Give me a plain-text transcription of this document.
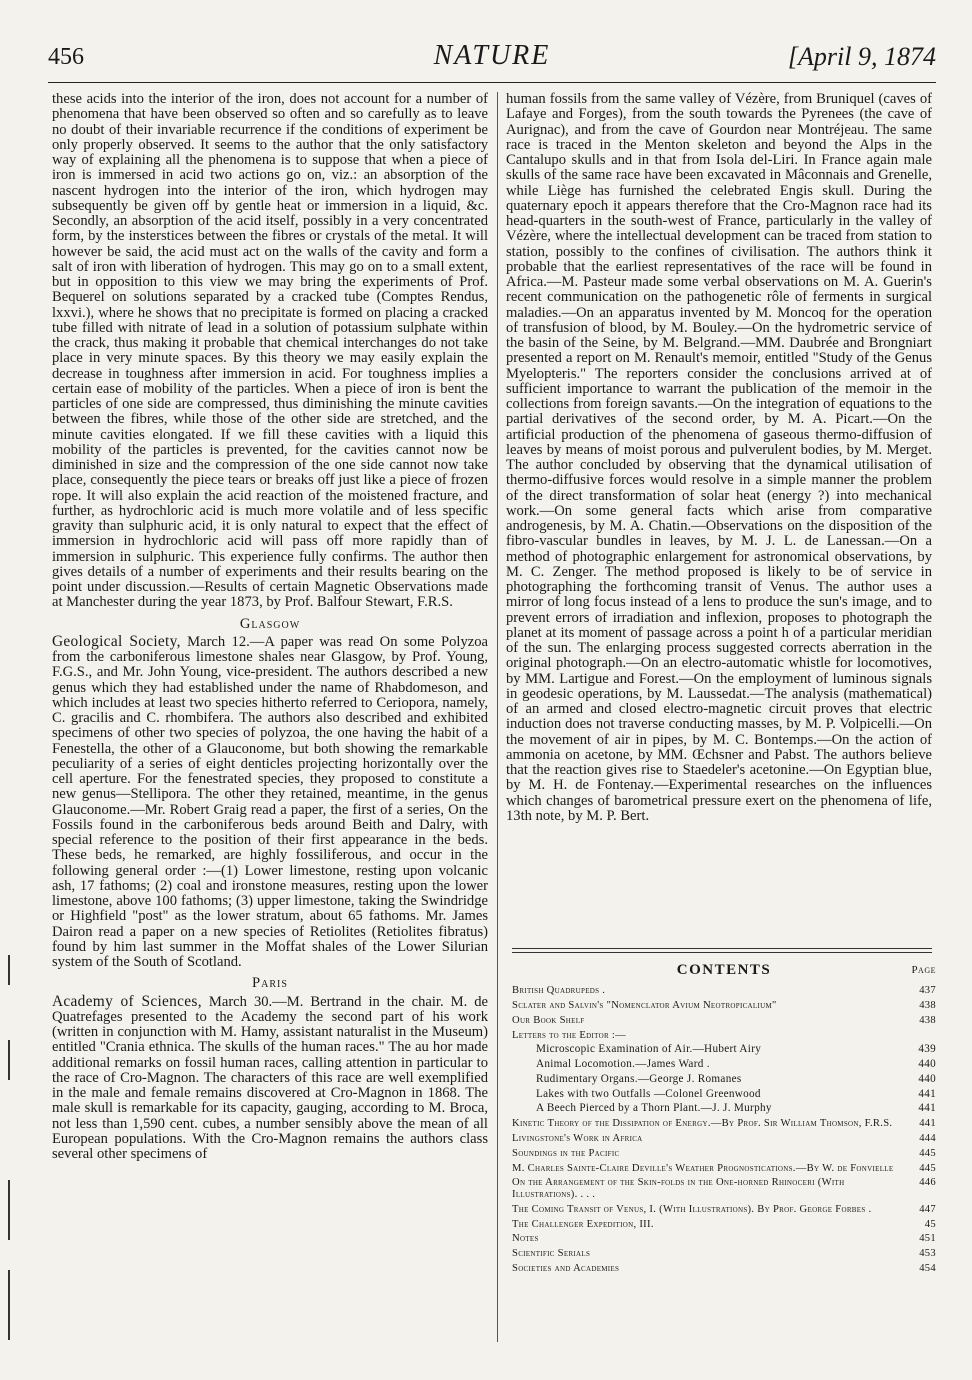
456	NATURE	[April 9, 1874

these acids into the interior of the iron, does not account for a number of phenomena that have been observed so often and so carefully as to leave no doubt of their invariable recurrence if the conditions of experiment be only properly observed. It seems to the author that the only satisfactory way of explaining all the phenomena is to suppose that when a piece of iron is immersed in acid two actions go on, viz.: an absorption of the nascent hydrogen into the interior of the iron, which hydrogen may subsequently be given off by gentle heat or immersion in a liquid, &c. Secondly, an absorption of the acid itself, possibly in a very concentrated form, by the insterstices between the fibres or crystals of the metal. It will however be said, the acid must act on the walls of the cavity and form a salt of iron with liberation of hydrogen. This may go on to a small extent, but in opposition to this view we may bring the experiments of Prof. Bequerel on solutions separated by a cracked tube (Comptes Rendus, lxxvi.), where he shows that no precipitate is formed on placing a cracked tube filled with nitrate of lead in a solution of potassium sulphate within the crack, thus making it probable that chemical interchanges do not take place in very minute spaces. By this theory we may easily explain the decrease in toughness after immersion in acid. For toughness implies a certain ease of mobility of the particles. When a piece of iron is bent the particles of one side are compressed, thus diminishing the minute cavities between the fibres, while those of the other side are stretched, and the minute cavities elongated. If we fill these cavities with a liquid this mobility of the particles is prevented, for the cavities cannot now be diminished in size and the compression of the one side cannot now take place, consequently the piece tears or breaks off just like a piece of frozen rope. It will also explain the acid reaction of the moistened fracture, and further, as hydrochloric acid is much more volatile and of less specific gravity than sulphuric acid, it is only natural to expect that the effect of immersion in hydrochloric acid will pass off more rapidly than of immersion in sulphuric. This experience fully confirms. The author then gives details of a number of experiments and their results bearing on the point under discussion.—Results of certain Magnetic Observations made at Manchester during the year 1873, by Prof. Balfour Stewart, F.R.S.

Glasgow

Geological Society, March 12.—A paper was read On some Polyzoa from the carboniferous limestone shales near Glasgow, by Prof. Young, F.G.S., and Mr. John Young, vice-president. The authors described a new genus which they had established under the name of Rhabdomeson, and which includes at least two species hitherto referred to Ceriopora, namely, C. gracilis and C. rhombifera. The authors also described and exhibited specimens of other two species of polyzoa, the one having the habit of a Fenestella, the other of a Glauconome, but both showing the remarkable peculiarity of a series of eight denticles projecting horizontally over the cell aperture. For the fenestrated species, they proposed to constitute a new genus—Stellipora. The other they retained, meantime, in the genus Glauconome.—Mr. Robert Graig read a paper, the first of a series, On the Fossils found in the carboniferous beds around Beith and Dalry, with special reference to the position of their first appearance in the beds. These beds, he remarked, are highly fossiliferous, and occur in the following general order :—(1) Lower limestone, resting upon volcanic ash, 17 fathoms; (2) coal and ironstone measures, resting upon the lower limestone, above 100 fathoms; (3) upper limestone, taking the Swindridge or Highfield "post" as the lower stratum, about 65 fathoms. Mr. James Dairon read a paper on a new species of Retiolites (Retiolites fibratus) found by him last summer in the Moffat shales of the Lower Silurian system of the South of Scotland.

Paris

Academy of Sciences, March 30.—M. Bertrand in the chair. M. de Quatrefages presented to the Academy the second part of his work (written in conjunction with M. Hamy, assistant naturalist in the Museum) entitled "Crania ethnica. The skulls of the human races." The au hor made additional remarks on fossil human races, calling attention in particular to the race of Cro-Magnon. The characters of this race are well exemplified in the male and female remains discovered at Cro-Magnon in 1868. The male skull is remarkable for its capacity, gauging, according to M. Broca, not less than 1,590 cent. cubes, a number sensibly above the mean of all European populations. With the Cro-Magnon remains the authors class several other specimens of

human fossils from the same valley of Vézère, from Bruniquel (caves of Lafaye and Forges), from the south towards the Pyrenees (the cave of Aurignac), and from the cave of Gourdon near Montréjeau. The same race is traced in the Menton skeleton and beyond the Alps in the Cantalupo skulls and in that from Isola del-Liri. In France again male skulls of the same race have been excavated in Mâconnais and Grenelle, while Liège has furnished the celebrated Engis skull. During the quaternary epoch it appears therefore that the Cro-Magnon race had its head-quarters in the south-west of France, particularly in the valley of Vézère, where the intellectual development can be traced from station to station, possibly to the confines of civilisation. The authors think it probable that the earliest representatives of the race will be found in Africa.—M. Pasteur made some verbal observations on M. A. Guerin's recent communication on the pathogenetic rôle of ferments in surgical maladies.—On an apparatus invented by M. Moncoq for the operation of transfusion of blood, by M. Bouley.—On the hydrometric service of the basin of the Seine, by M. Belgrand.—MM. Daubrée and Brongniart presented a report on M. Renault's memoir, entitled "Study of the Genus Myelopteris." The reporters consider the conclusions arrived at of sufficient importance to warrant the publication of the memoir in the collections from foreign savants.—On the integration of equations to the partial derivatives of the second order, by M. A. Picart.—On the artificial production of the phenomena of gaseous thermo-diffusion of leaves by means of moist porous and pulverulent bodies, by M. Merget. The author concluded by observing that the dynamical utilisation of thermo-diffusive forces would resolve in a simple manner the problem of the direct transformation of solar heat (energy ?) into mechanical work.—On some general facts which arise from comparative androgenesis, by M. A. Chatin.—Observations on the disposition of the fibro-vascular bundles in leaves, by M. J. L. de Lanessan.—On a method of photographic enlargement for astronomical observations, by M. C. Zenger. The method proposed is likely to be of service in photographing the forthcoming transit of Venus. The author uses a mirror of long focus instead of a lens to produce the sun's image, and to prevent errors of irradiation and inflexion, proposes to photograph the planet at its moment of passage across a point h of a particular meridian of the sun. The enlarging process suggested corrects aberration in the original photograph.—On an electro-automatic whistle for locomotives, by MM. Lartigue and Forest.—On the employment of luminous signals in geodesic operations, by M. Laussedat.—The analysis (mathematical) of an armed and closed electro-magnetic circuit proves that electric induction does not traverse conducting masses, by M. P. Volpicelli.—On the movement of air in pipes, by M. C. Bontemps.—On the action of ammonia on acetone, by MM. Œchsner and Pabst. The authors believe that the reaction gives rise to Staedeler's acetonine.—On Egyptian blue, by M. H. de Fontenay.—Experimental researches on the influences which changes of barometrical pressure exert on the phenomena of life, 13th note, by M. P. Bert.

CONTENTS	Page
British Quadrupeds .	437
Sclater and Salvin's "Nomenclator Avium Neotropicalium"	438
Our Book Shelf	438
Letters to the Editor :—
Microscopic Examination of Air.—Hubert Airy	439
Animal Locomotion.—James Ward .	440
Rudimentary Organs.—George J. Romanes	440
Lakes with two Outfalls —Colonel Greenwood	441
A Beech Pierced by a Thorn Plant.—J. J. Murphy	441
Kinetic Theory of the Dissipation of Energy.—By Prof. Sir William Thomson, F.R.S.	441
Livingstone's Work in Africa	444
Soundings in the Pacific	445
M. Charles Sainte-Claire Deville's Weather Prognostications.—By W. de Fonvielle 445
On the Arrangement of the Skin-folds in the One-horned Rhinoceri (With Illustrations). . . .
446
The Coming Transit of Venus, I. (With Illustrations). By Prof. George Forbes .	447
The Challenger Expedition, III.	45
Notes	451
Scientific Serials	453
Societies and Academies	454
